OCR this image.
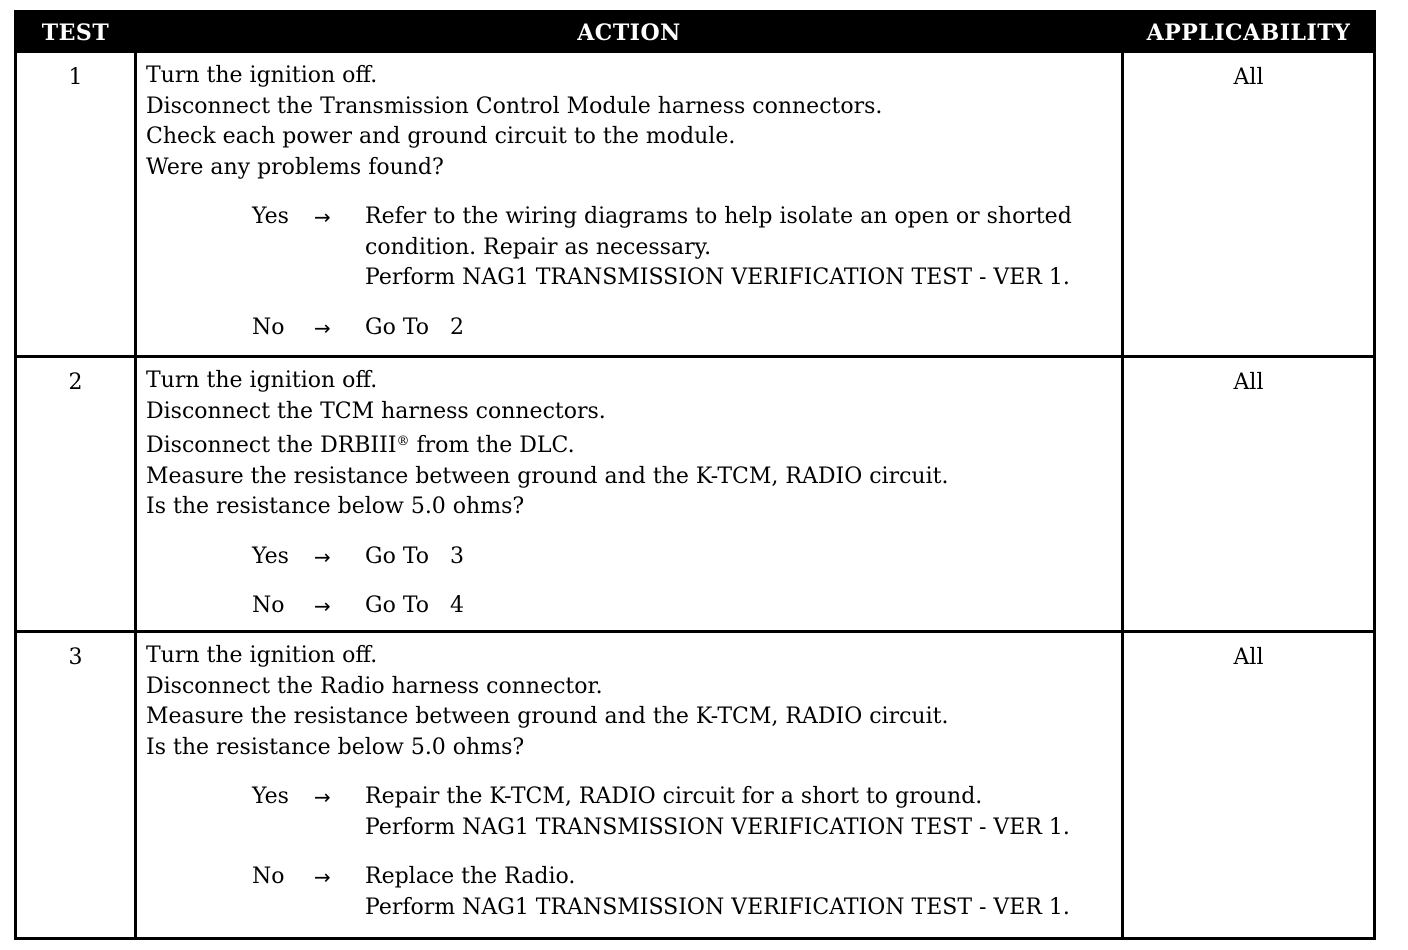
TEST	ACTION	APPLICABILITY
1	Turn the ignition off.
Disconnect the Transmission Control Module harness connectors.
Check each power and ground circuit to the module.
Were any problems found?
Yes → Refer to the wiring diagrams to help isolate an open or shorted
condition. Repair as necessary.
Perform NAG1 TRANSMISSION VERIFICATION TEST - VER 1.
No → Go To   2
All
2	Turn the ignition off.
Disconnect the TCM harness connectors.
Disconnect the DRBIII® from the DLC.
Measure the resistance between ground and the K-TCM, RADIO circuit.
Is the resistance below 5.0 ohms?
Yes → Go To   3
No → Go To   4
All
3	Turn the ignition off.
Disconnect the Radio harness connector.
Measure the resistance between ground and the K-TCM, RADIO circuit.
Is the resistance below 5.0 ohms?
Yes → Repair the K-TCM, RADIO circuit for a short to ground.
Perform NAG1 TRANSMISSION VERIFICATION TEST - VER 1.
No → Replace the Radio.
Perform NAG1 TRANSMISSION VERIFICATION TEST - VER 1.
All
